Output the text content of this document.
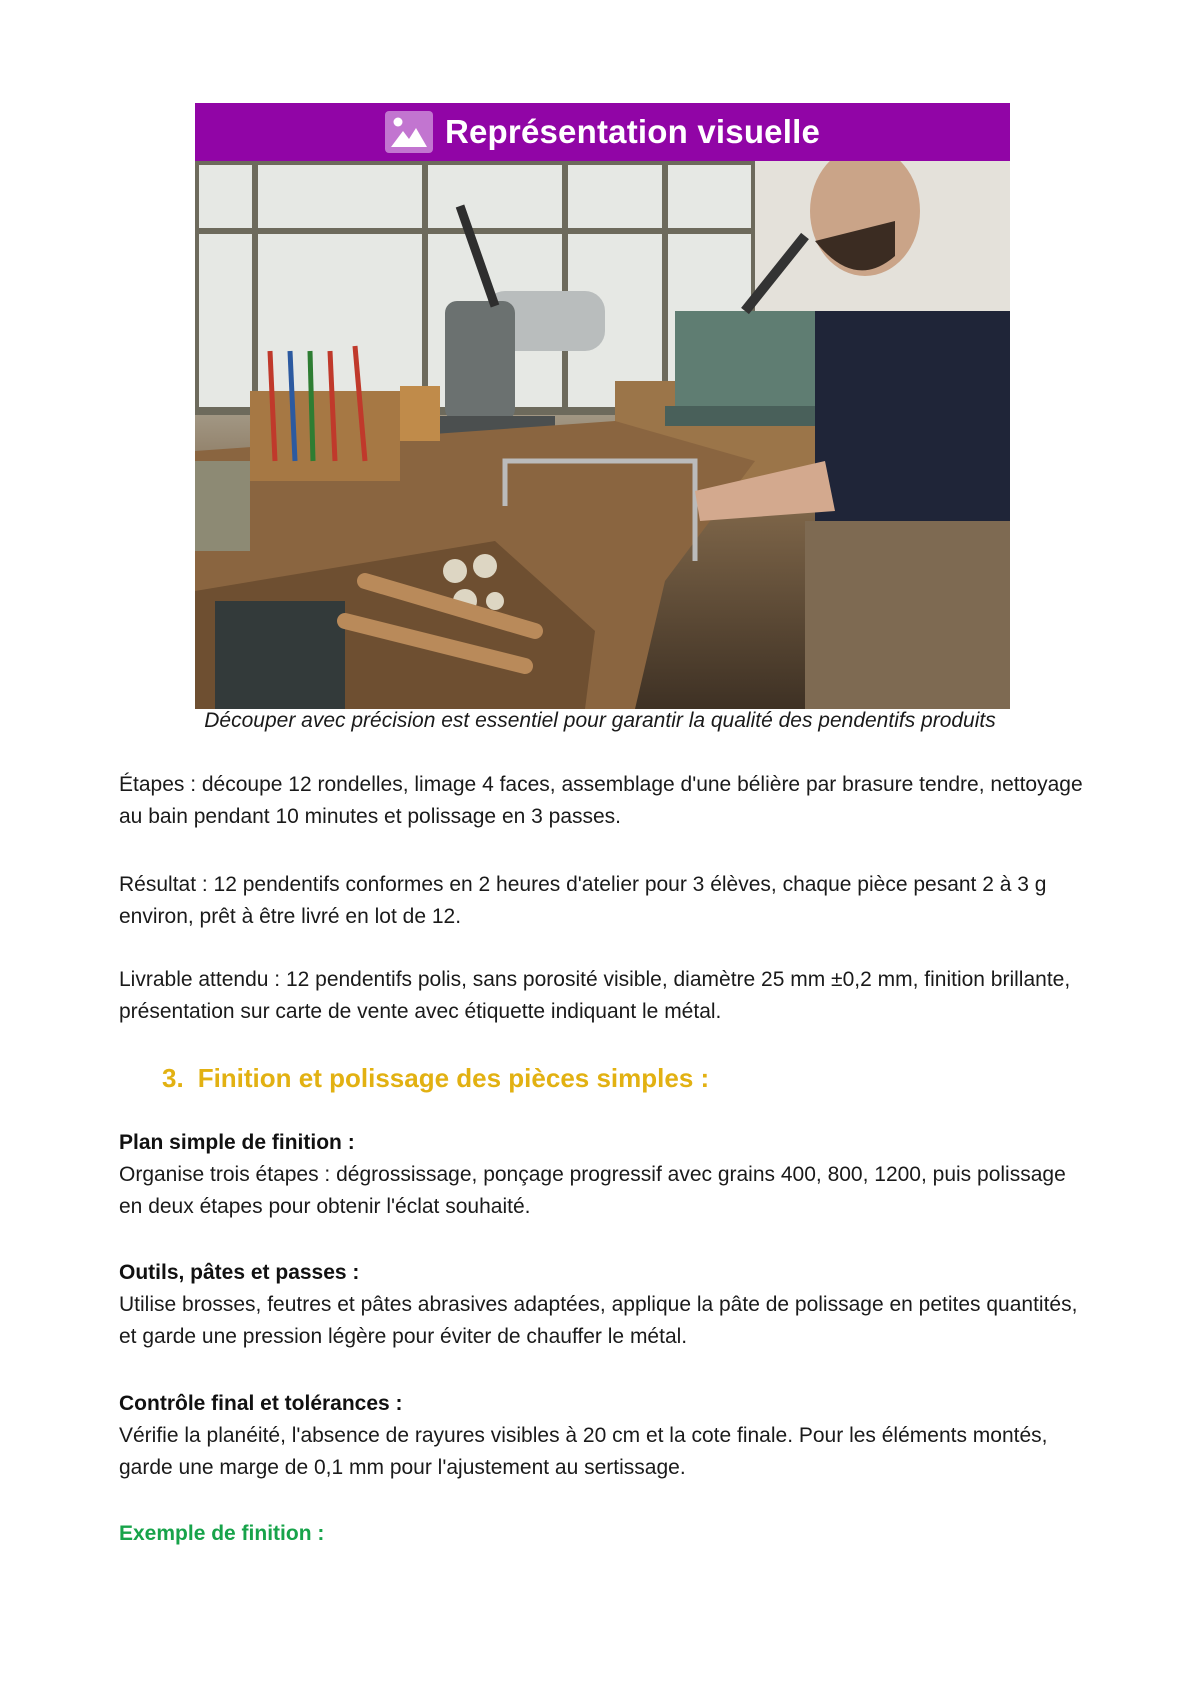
Représentation visuelle
Découper avec précision est essentiel pour garantir la qualité des pendentifs produits

Étapes : découpe 12 rondelles, limage 4 faces, assemblage d'une bélière par brasure tendre, nettoyage au bain pendant 10 minutes et polissage en 3 passes.

Résultat : 12 pendentifs conformes en 2 heures d'atelier pour 3 élèves, chaque pièce pesant 2 à 3 g environ, prêt à être livré en lot de 12.

Livrable attendu : 12 pendentifs polis, sans porosité visible, diamètre 25 mm ±0,2 mm, finition brillante, présentation sur carte de vente avec étiquette indiquant le métal.

3. Finition et polissage des pièces simples :
Plan simple de finition :
Organise trois étapes : dégrossissage, ponçage progressif avec grains 400, 800, 1200, puis polissage en deux étapes pour obtenir l'éclat souhaité.
Outils, pâtes et passes :
Utilise brosses, feutres et pâtes abrasives adaptées, applique la pâte de polissage en petites quantités, et garde une pression légère pour éviter de chauffer le métal.
Contrôle final et tolérances :
Vérifie la planéité, l'absence de rayures visibles à 20 cm et la cote finale. Pour les éléments montés, garde une marge de 0,1 mm pour l'ajustement au sertissage.
Exemple de finition :
